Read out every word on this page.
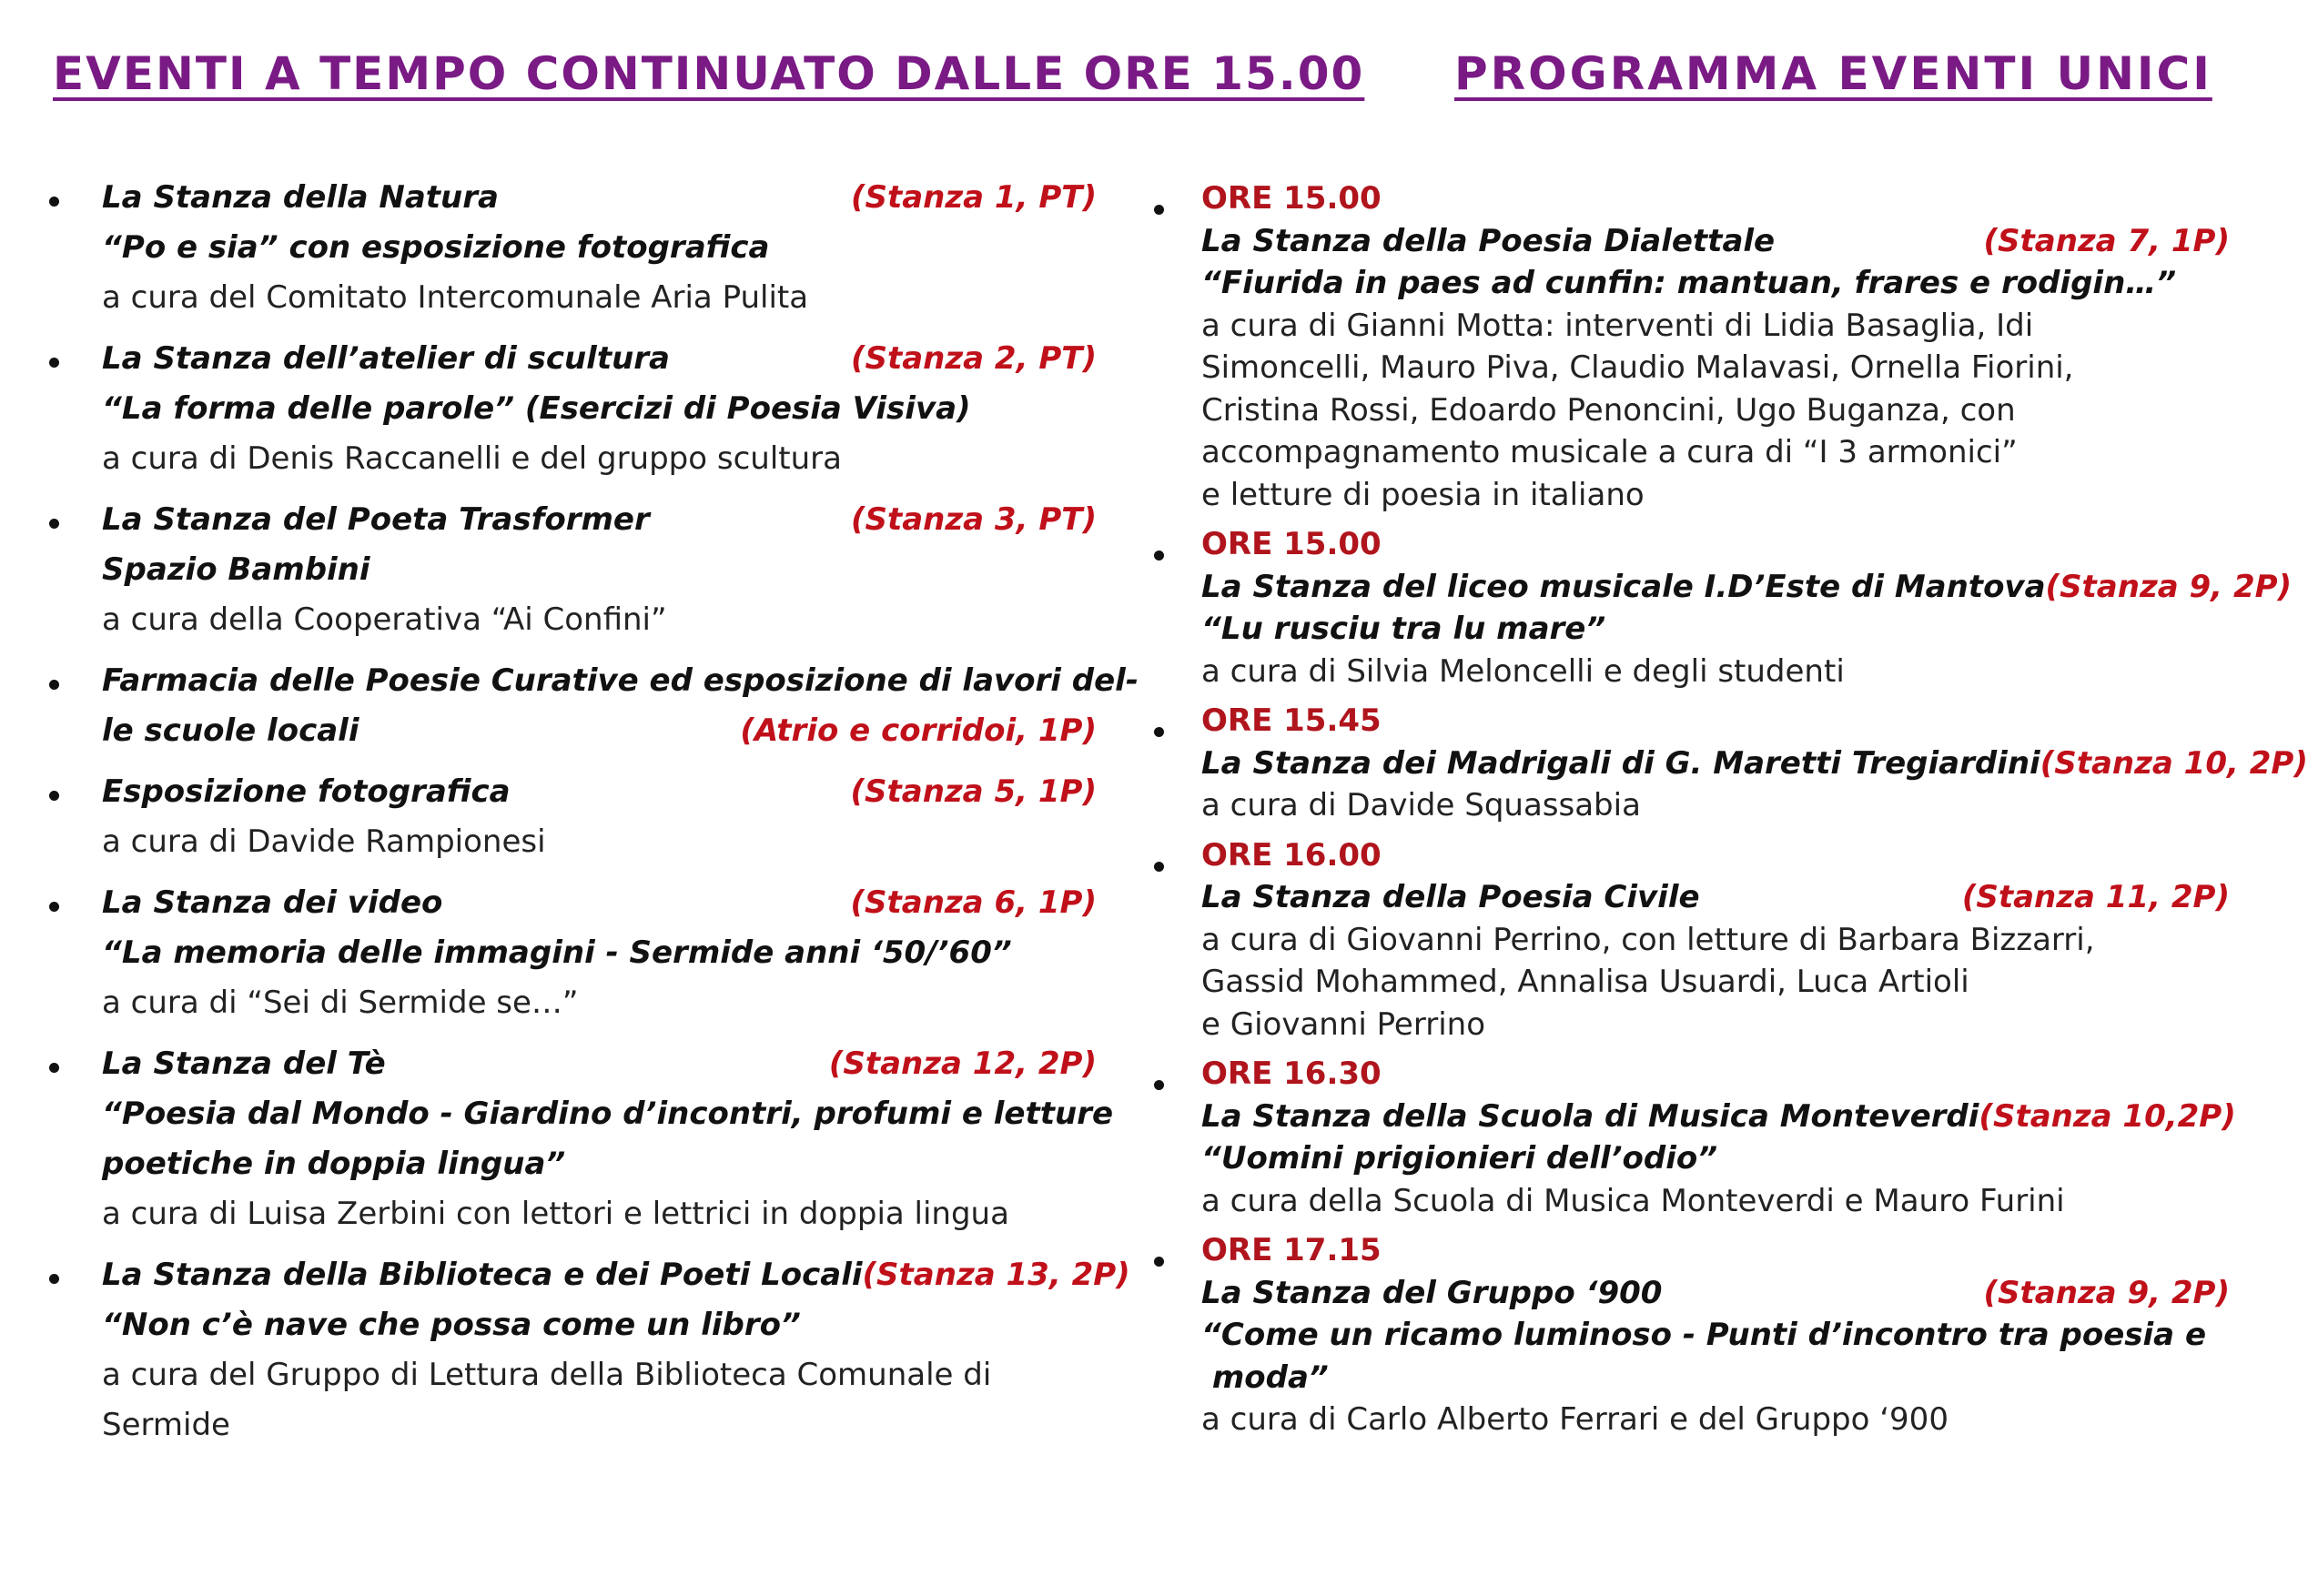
EVENTI A TEMPO CONTINUATO DALLE ORE 15.00
La Stanza della Natura	(Stanza 1, PT)
“Po e sia” con esposizione fotografica
a cura del Comitato Intercomunale Aria Pulita
La Stanza dell’atelier di scultura	(Stanza 2, PT)
“La forma delle parole” (Esercizi di Poesia Visiva)
a cura di Denis Raccanelli e del gruppo scultura
La Stanza del Poeta Trasformer	(Stanza 3, PT)
Spazio Bambini
a cura della Cooperativa “Ai Confini”
Farmacia delle Poesie Curative ed esposizione di lavori del-
le scuole locali	(Atrio e corridoi, 1P)
Esposizione fotografica	(Stanza 5, 1P)
a cura di Davide Rampionesi
La Stanza dei video	(Stanza 6, 1P)
“La memoria delle immagini - Sermide anni ‘50/’60”
a cura di “Sei di Sermide se…”
La Stanza del Tè	(Stanza 12, 2P)
“Poesia dal Mondo - Giardino d’incontri, profumi e letture
poetiche in doppia lingua”
a cura di Luisa Zerbini con lettori e lettrici in doppia lingua
La Stanza della Biblioteca e dei Poeti Locali (Stanza 13, 2P)
“Non c’è nave che possa come un libro”
a cura del Gruppo di Lettura della Biblioteca Comunale di
Sermide
PROGRAMMA EVENTI UNICI
ORE 15.00
La Stanza della Poesia Dialettale	(Stanza 7, 1P)
“Fiurida in paes ad cunfin: mantuan, frares e rodigin…”
a cura di Gianni Motta: interventi di Lidia Basaglia, Idi
Simoncelli, Mauro Piva, Claudio Malavasi, Ornella Fiorini,
Cristina Rossi, Edoardo Penoncini, Ugo Buganza, con
accompagnamento musicale a cura di “I 3 armonici”
e letture di poesia in italiano
ORE 15.00
La Stanza del liceo musicale I.D’Este di Mantova (Stanza 9, 2P)
“Lu rusciu tra lu mare”
a cura di Silvia Meloncelli e degli studenti
ORE 15.45
La Stanza dei Madrigali di G. Maretti Tregiardini (Stanza 10, 2P)
a cura di Davide Squassabia
ORE 16.00
La Stanza della Poesia Civile	(Stanza 11, 2P)
a cura di Giovanni Perrino, con letture di Barbara Bizzarri,
Gassid Mohammed, Annalisa Usuardi, Luca Artioli
e Giovanni Perrino
ORE 16.30
La Stanza della Scuola di Musica Monteverdi (Stanza 10,2P)
“Uomini prigionieri dell’odio”
a cura della Scuola di Musica Monteverdi e Mauro Furini
ORE 17.15
La Stanza del Gruppo ‘900	(Stanza 9, 2P)
“Come un ricamo luminoso - Punti d’incontro tra poesia e
moda”
a cura di Carlo Alberto Ferrari e del Gruppo ‘900
